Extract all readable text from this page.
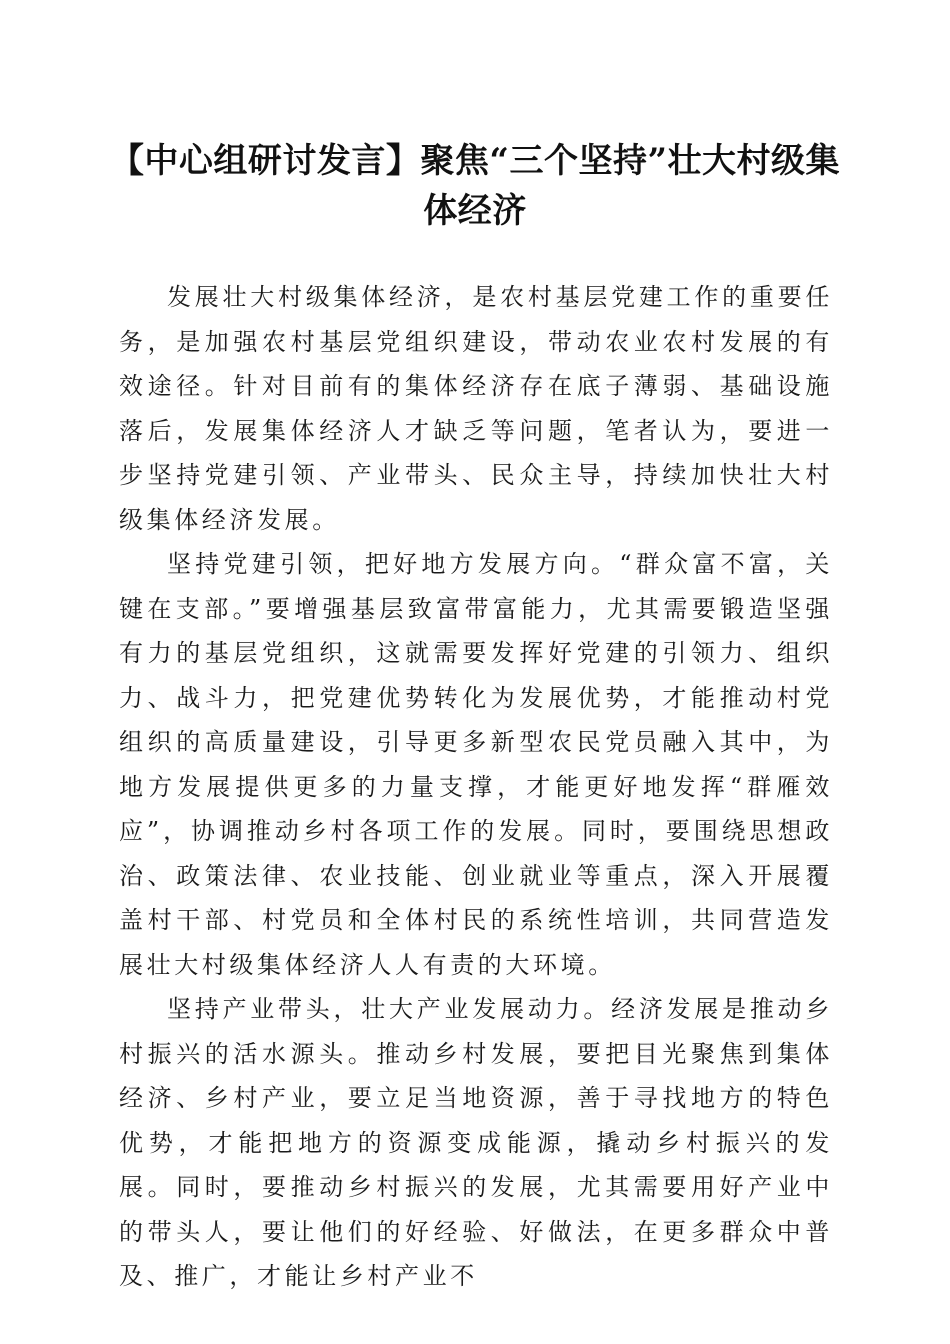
【中心组研讨发言】聚焦“三个坚持”壮大村级集体经济

发展壮大村级集体经济，是农村基层党建工作的重要任务，是加强农村基层党组织建设，带动农业农村发展的有效途径。针对目前有的集体经济存在底子薄弱、基础设施落后，发展集体经济人才缺乏等问题，笔者认为，要进一步坚持党建引领、产业带头、民众主导，持续加快壮大村级集体经济发展。

坚持党建引领，把好地方发展方向。“群众富不富，关键在支部。”要增强基层致富带富能力，尤其需要锻造坚强有力的基层党组织，这就需要发挥好党建的引领力、组织力、战斗力，把党建优势转化为发展优势，才能推动村党组织的高质量建设，引导更多新型农民党员融入其中，为地方发展提供更多的力量支撑，才能更好地发挥“群雁效应”，协调推动乡村各项工作的发展。同时，要围绕思想政治、政策法律、农业技能、创业就业等重点，深入开展覆盖村干部、村党员和全体村民的系统性培训，共同营造发展壮大村级集体经济人人有责的大环境。

坚持产业带头，壮大产业发展动力。经济发展是推动乡村振兴的活水源头。推动乡村发展，要把目光聚焦到集体经济、乡村产业，要立足当地资源，善于寻找地方的特色优势，才能把地方的资源变成能源，撬动乡村振兴的发展。同时，要推动乡村振兴的发展，尤其需要用好产业中的带头人，要让他们的好经验、好做法，在更多群众中普及、推广，才能让乡村产业不
